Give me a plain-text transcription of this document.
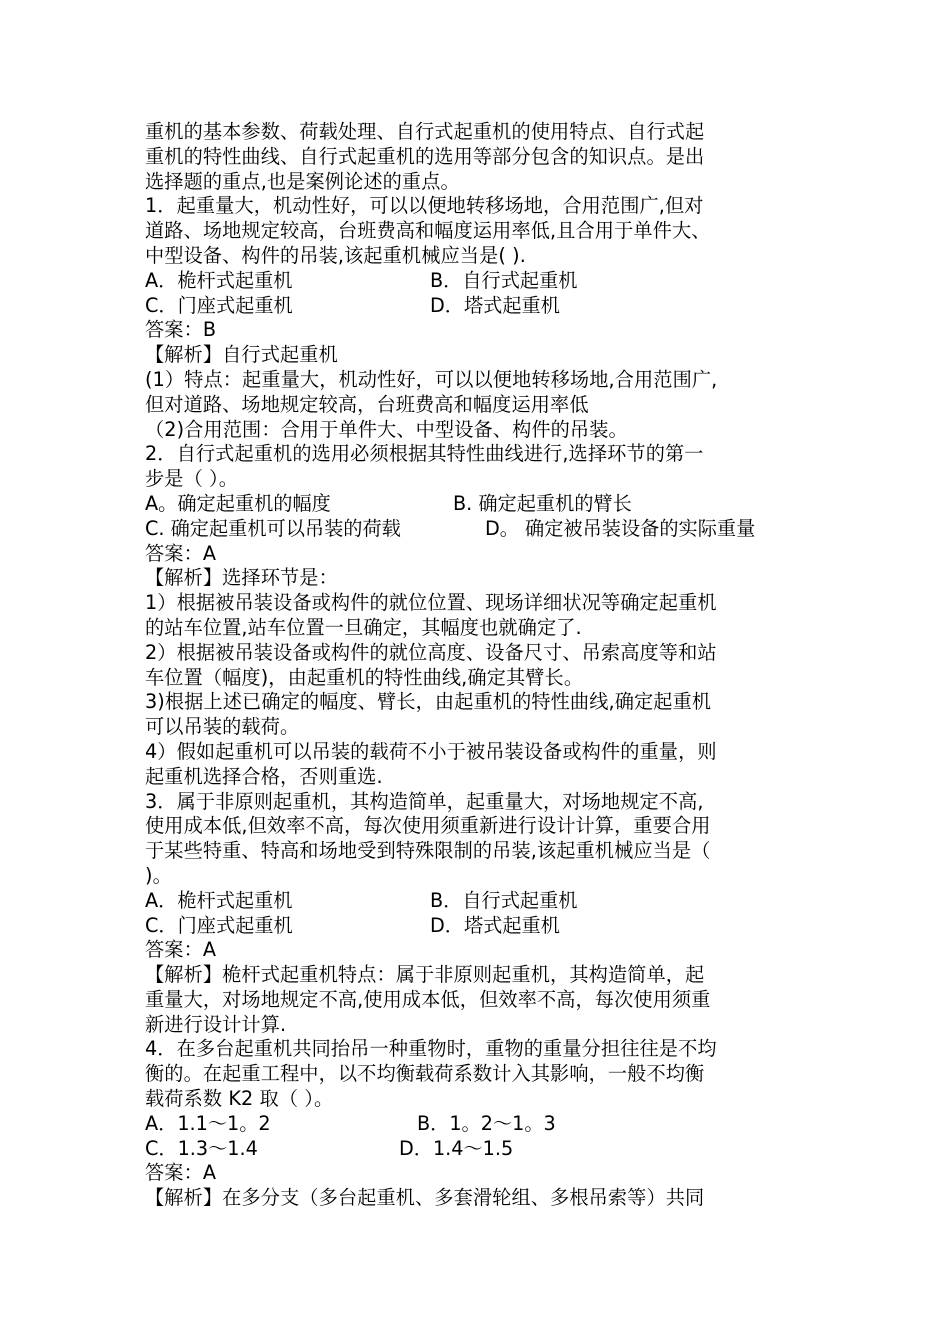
重机的基本参数、荷载处理、自行式起重机的使用特点、自行式起
重机的特性曲线、自行式起重机的选用等部分包含的知识点。是出
选择题的重点,也是案例论述的重点。
1．起重量大，机动性好，可以以便地转移场地，合用范围广,但对
道路、场地规定较高，台班费高和幅度运用率低,且合用于单件大、
中型设备、构件的吊装,该起重机械应当是( ).
A．桅杆式起重机	B．自行式起重机
C．门座式起重机	D．塔式起重机
答案：B
【解析】自行式起重机
(1）特点：起重量大，机动性好，可以以便地转移场地,合用范围广,
但对道路、场地规定较高，台班费高和幅度运用率低
（2)合用范围：合用于单件大、中型设备、构件的吊装。
2．自行式起重机的选用必须根据其特性曲线进行,选择环节的第一
步是（ ）。
A。确定起重机的幅度	B. 确定起重机的臂长
C. 确定起重机可以吊装的荷载	D。 确定被吊装设备的实际重量
答案：A
【解析】选择环节是：
1）根据被吊装设备或构件的就位位置、现场详细状况等确定起重机
的站车位置,站车位置一旦确定，其幅度也就确定了.
2）根据被吊装设备或构件的就位高度、设备尺寸、吊索高度等和站
车位置（幅度)，由起重机的特性曲线,确定其臂长。
3)根据上述已确定的幅度、臂长，由起重机的特性曲线,确定起重机
可以吊装的载荷。
4）假如起重机可以吊装的载荷不小于被吊装设备或构件的重量，则
起重机选择合格，否则重选.
3．属于非原则起重机，其构造简单，起重量大，对场地规定不高,
使用成本低,但效率不高，每次使用须重新进行设计计算，重要合用
于某些特重、特高和场地受到特殊限制的吊装,该起重机械应当是（
)。
A．桅杆式起重机	B．自行式起重机
C．门座式起重机	D．塔式起重机
答案：A
【解析】桅杆式起重机特点：属于非原则起重机，其构造简单，起
重量大，对场地规定不高,使用成本低，但效率不高，每次使用须重
新进行设计计算.
4．在多台起重机共同抬吊一种重物时，重物的重量分担往往是不均
衡的。在起重工程中，以不均衡载荷系数计入其影响，一般不均衡
载荷系数 K2 取（ ）。
A．1.1～1。2	B．1。2～1。3
C．1.3～1.4	D．1.4～1.5
答案：A
【解析】在多分支（多台起重机、多套滑轮组、多根吊索等）共同
